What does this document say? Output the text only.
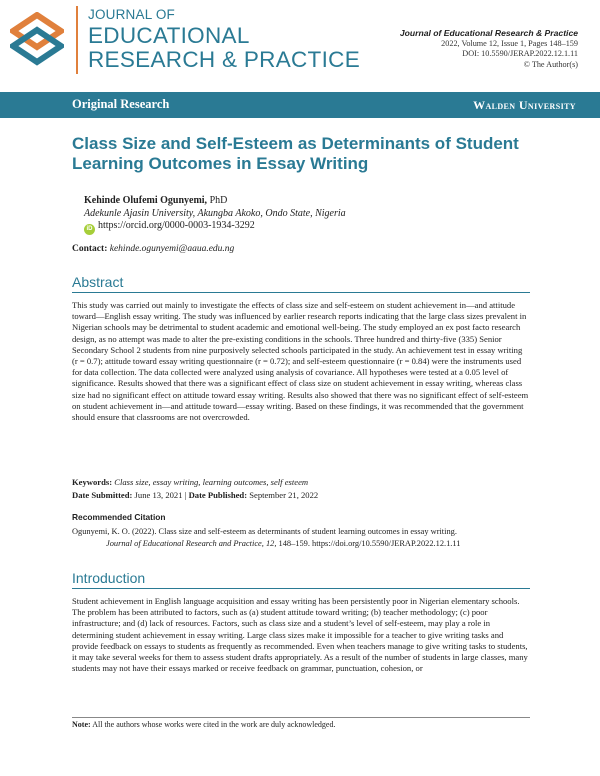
JOURNAL OF
EDUCATIONAL
RESEARCH & PRACTICE
Journal of Educational Research & Practice
2022, Volume 12, Issue 1, Pages 148–159
DOI: 10.5590/JERAP.2022.12.1.11
© The Author(s)
Original Research	Walden University
Class Size and Self-Esteem as Determinants of Student Learning Outcomes in Essay Writing
Kehinde Olufemi Ogunyemi, PhD
Adekunle Ajasin University, Akungba Akoko, Ondo State, Nigeria
iD https://orcid.org/0000-0003-1934-3292
Contact: kehinde.ogunyemi@aaua.edu.ng
Abstract
This study was carried out mainly to investigate the effects of class size and self-esteem on student achievement in—and attitude toward—English essay writing. The study was influenced by earlier research reports indicating that the large class sizes prevalent in Nigerian schools may be detrimental to student academic and emotional well-being. The study employed an ex post facto research design, as no attempt was made to alter the pre-existing conditions in the schools. Three hundred and thirty-five (335) Senior Secondary School 2 students from nine purposively selected schools participated in the study. An achievement test in essay writing (r = 0.7); attitude toward essay writing questionnaire (r = 0.72); and self-esteem questionnaire (r = 0.84) were the instruments used for data collection. The data collected were analyzed using analysis of covariance. All hypotheses were tested at a 0.05 level of significance. Results showed that there was a significant effect of class size on student achievement in essay writing, whereas class size had no significant effect on attitude toward essay writing. Results also showed that there was no significant effect of self-esteem on student achievement in—and attitude toward—essay writing. Based on these findings, it was recommended that the government should ensure that classrooms are not overcrowded.
Keywords: Class size, essay writing, learning outcomes, self esteem
Date Submitted: June 13, 2021 | Date Published: September 21, 2022
Recommended Citation
Ogunyemi, K. O. (2022). Class size and self-esteem as determinants of student learning outcomes in essay writing.
Journal of Educational Research and Practice, 12, 148–159. https://doi.org/10.5590/JERAP.2022.12.1.11
Introduction
Student achievement in English language acquisition and essay writing has been persistently poor in Nigerian elementary schools. The problem has been attributed to factors, such as (a) student attitude toward writing; (b) teacher methodology; (c) poor infrastructure; and (d) lack of resources. Factors, such as class size and a student’s level of self-esteem, may play a role in determining student achievement in essay writing. Large class sizes make it impossible for a teacher to give writing tasks and provide feedback on essays to students as frequently as recommended. Even when teachers manage to give writing tasks to students, it may take several weeks for them to assess student drafts appropriately. As a result of the number of students in large classes, many students may not have their essays marked or receive feedback on grammar, punctuation, cohesion, or
Note: All the authors whose works were cited in the work are duly acknowledged.
